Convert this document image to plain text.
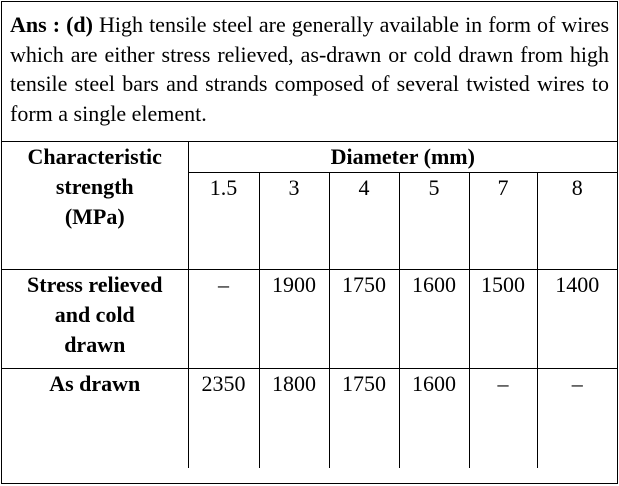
Ans : (d) High tensile steel are generally available in form of wires which are either stress relieved, as-drawn or cold drawn from high tensile steel bars and strands composed of several twisted wires to form a single element.
Characteristic
strength
(MPa)	Diameter (mm)					
	1.5	3	4	5	7	8

Stress relieved
and cold
drawn	–	1900	1750	1600	1500	1400

As drawn	2350	1800	1750	1600	–	–
